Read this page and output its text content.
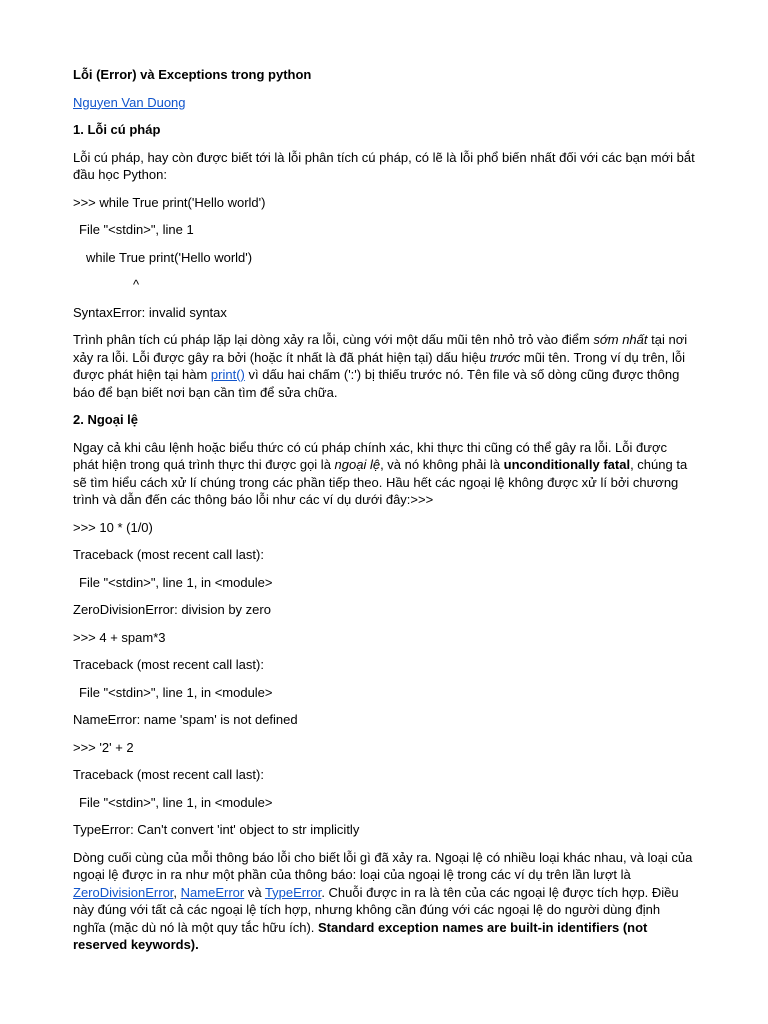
Lỗi (Error) và Exceptions trong python

Nguyen Van Duong

1. Lỗi cú pháp

Lỗi cú pháp, hay còn được biết tới là lỗi phân tích cú pháp, có lẽ là lỗi phổ biến nhất đối với các bạn mới bắt đầu học Python:

>>> while True print('Hello world')

File "<stdin>", line 1

while True print('Hello world')

^

SyntaxError: invalid syntax

Trình phân tích cú pháp lặp lại dòng xảy ra lỗi, cùng với một dấu mũi tên nhỏ trỏ vào điểm sớm nhất tại nơi xảy ra lỗi. Lỗi được gây ra bởi (hoặc ít nhất là đã phát hiện tại) dấu hiệu trước mũi tên. Trong ví dụ trên, lỗi được phát hiện tại hàm print() vì dấu hai chấm (':') bị thiếu trước nó. Tên file và số dòng cũng được thông báo để bạn biết nơi bạn cần tìm để sửa chữa.

2. Ngoại lệ

Ngay cả khi câu lệnh hoặc biểu thức có cú pháp chính xác, khi thực thi cũng có thể gây ra lỗi. Lỗi được phát hiện trong quá trình thực thi được gọi là ngoại lệ, và nó không phải là unconditionally fatal, chúng ta sẽ tìm hiểu cách xử lí chúng trong các phần tiếp theo. Hầu hết các ngoại lệ không được xử lí bởi chương trình và dẫn đến các thông báo lỗi như các ví dụ dưới đây:>>>

>>> 10 * (1/0)

Traceback (most recent call last):

File "<stdin>", line 1, in <module>

ZeroDivisionError: division by zero

>>> 4 + spam*3

Traceback (most recent call last):

File "<stdin>", line 1, in <module>

NameError: name 'spam' is not defined

>>> '2' + 2

Traceback (most recent call last):

File "<stdin>", line 1, in <module>

TypeError: Can't convert 'int' object to str implicitly

Dòng cuối cùng của mỗi thông báo lỗi cho biết lỗi gì đã xảy ra. Ngoại lệ có nhiều loại khác nhau, và loại của ngoại lệ được in ra như một phần của thông báo: loại của ngoại lệ trong các ví dụ trên lần lượt là ZeroDivisionError, NameError và TypeError. Chuỗi được in ra là tên của các ngoại lệ được tích hợp. Điều này đúng với tất cả các ngoại lệ tích hợp, nhưng không cần đúng với các ngoại lệ do người dùng định nghĩa (mặc dù nó là một quy tắc hữu ích). Standard exception names are built-in identifiers (not reserved keywords).
